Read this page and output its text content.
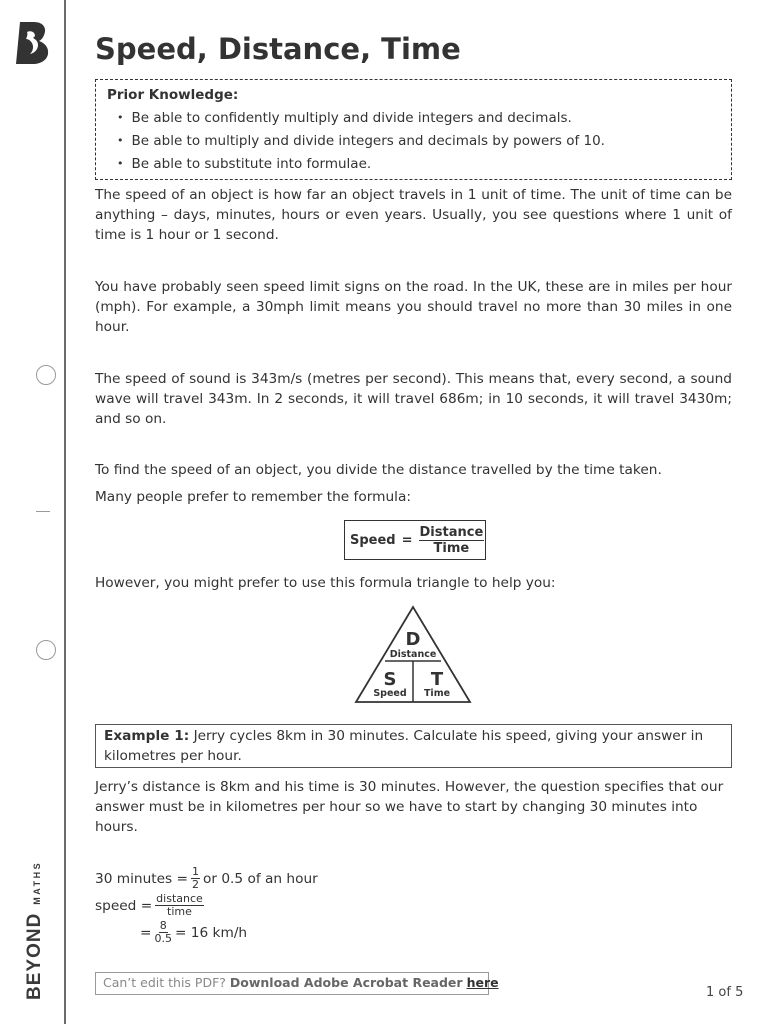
BEYOND
MATHS
Speed, Distance, Time
Prior Knowledge:
• Be able to confidently multiply and divide integers and decimals.
• Be able to multiply and divide integers and decimals by powers of 10.
• Be able to substitute into formulae.

The speed of an object is how far an object travels in 1 unit of time. The unit of time can be anything – days, minutes, hours or even years. Usually, you see questions where 1 unit of time is 1 hour or 1 second.

You have probably seen speed limit signs on the road. In the UK, these are in miles per hour (mph). For example, a 30mph limit means you should travel no more than 30 miles in one hour.

The speed of sound is 343m/s (metres per second). This means that, every second, a sound wave will travel 343m. In 2 seconds, it will travel 686m; in 10 seconds, it will travel 3430m; and so on.

To find the speed of an object, you divide the distance travelled by the time taken.

Many people prefer to remember the formula:

Speed = $\frac{\text{Distance}}{\text{Time}}$

However, you might prefer to use this formula triangle to help you:

D
Distance
S
Speed
T
Time
Example 1: Jerry cycles 8km in 30 minutes. Calculate his speed, giving your answer in kilometres per hour.

Jerry’s distance is 8km and his time is 30 minutes. However, the question specifies that our answer must be in kilometres per hour so we have to start by changing 30 minutes into hours.

30 minutes = $\frac{1}{2}$ or 0.5 of an hour
speed = $\frac{\text{distance}}{\text{time}}$
= $\frac{8}{0.5} = 16$ km/h
Can’t edit this PDF? Download Adobe Acrobat Reader here
1 of 5
